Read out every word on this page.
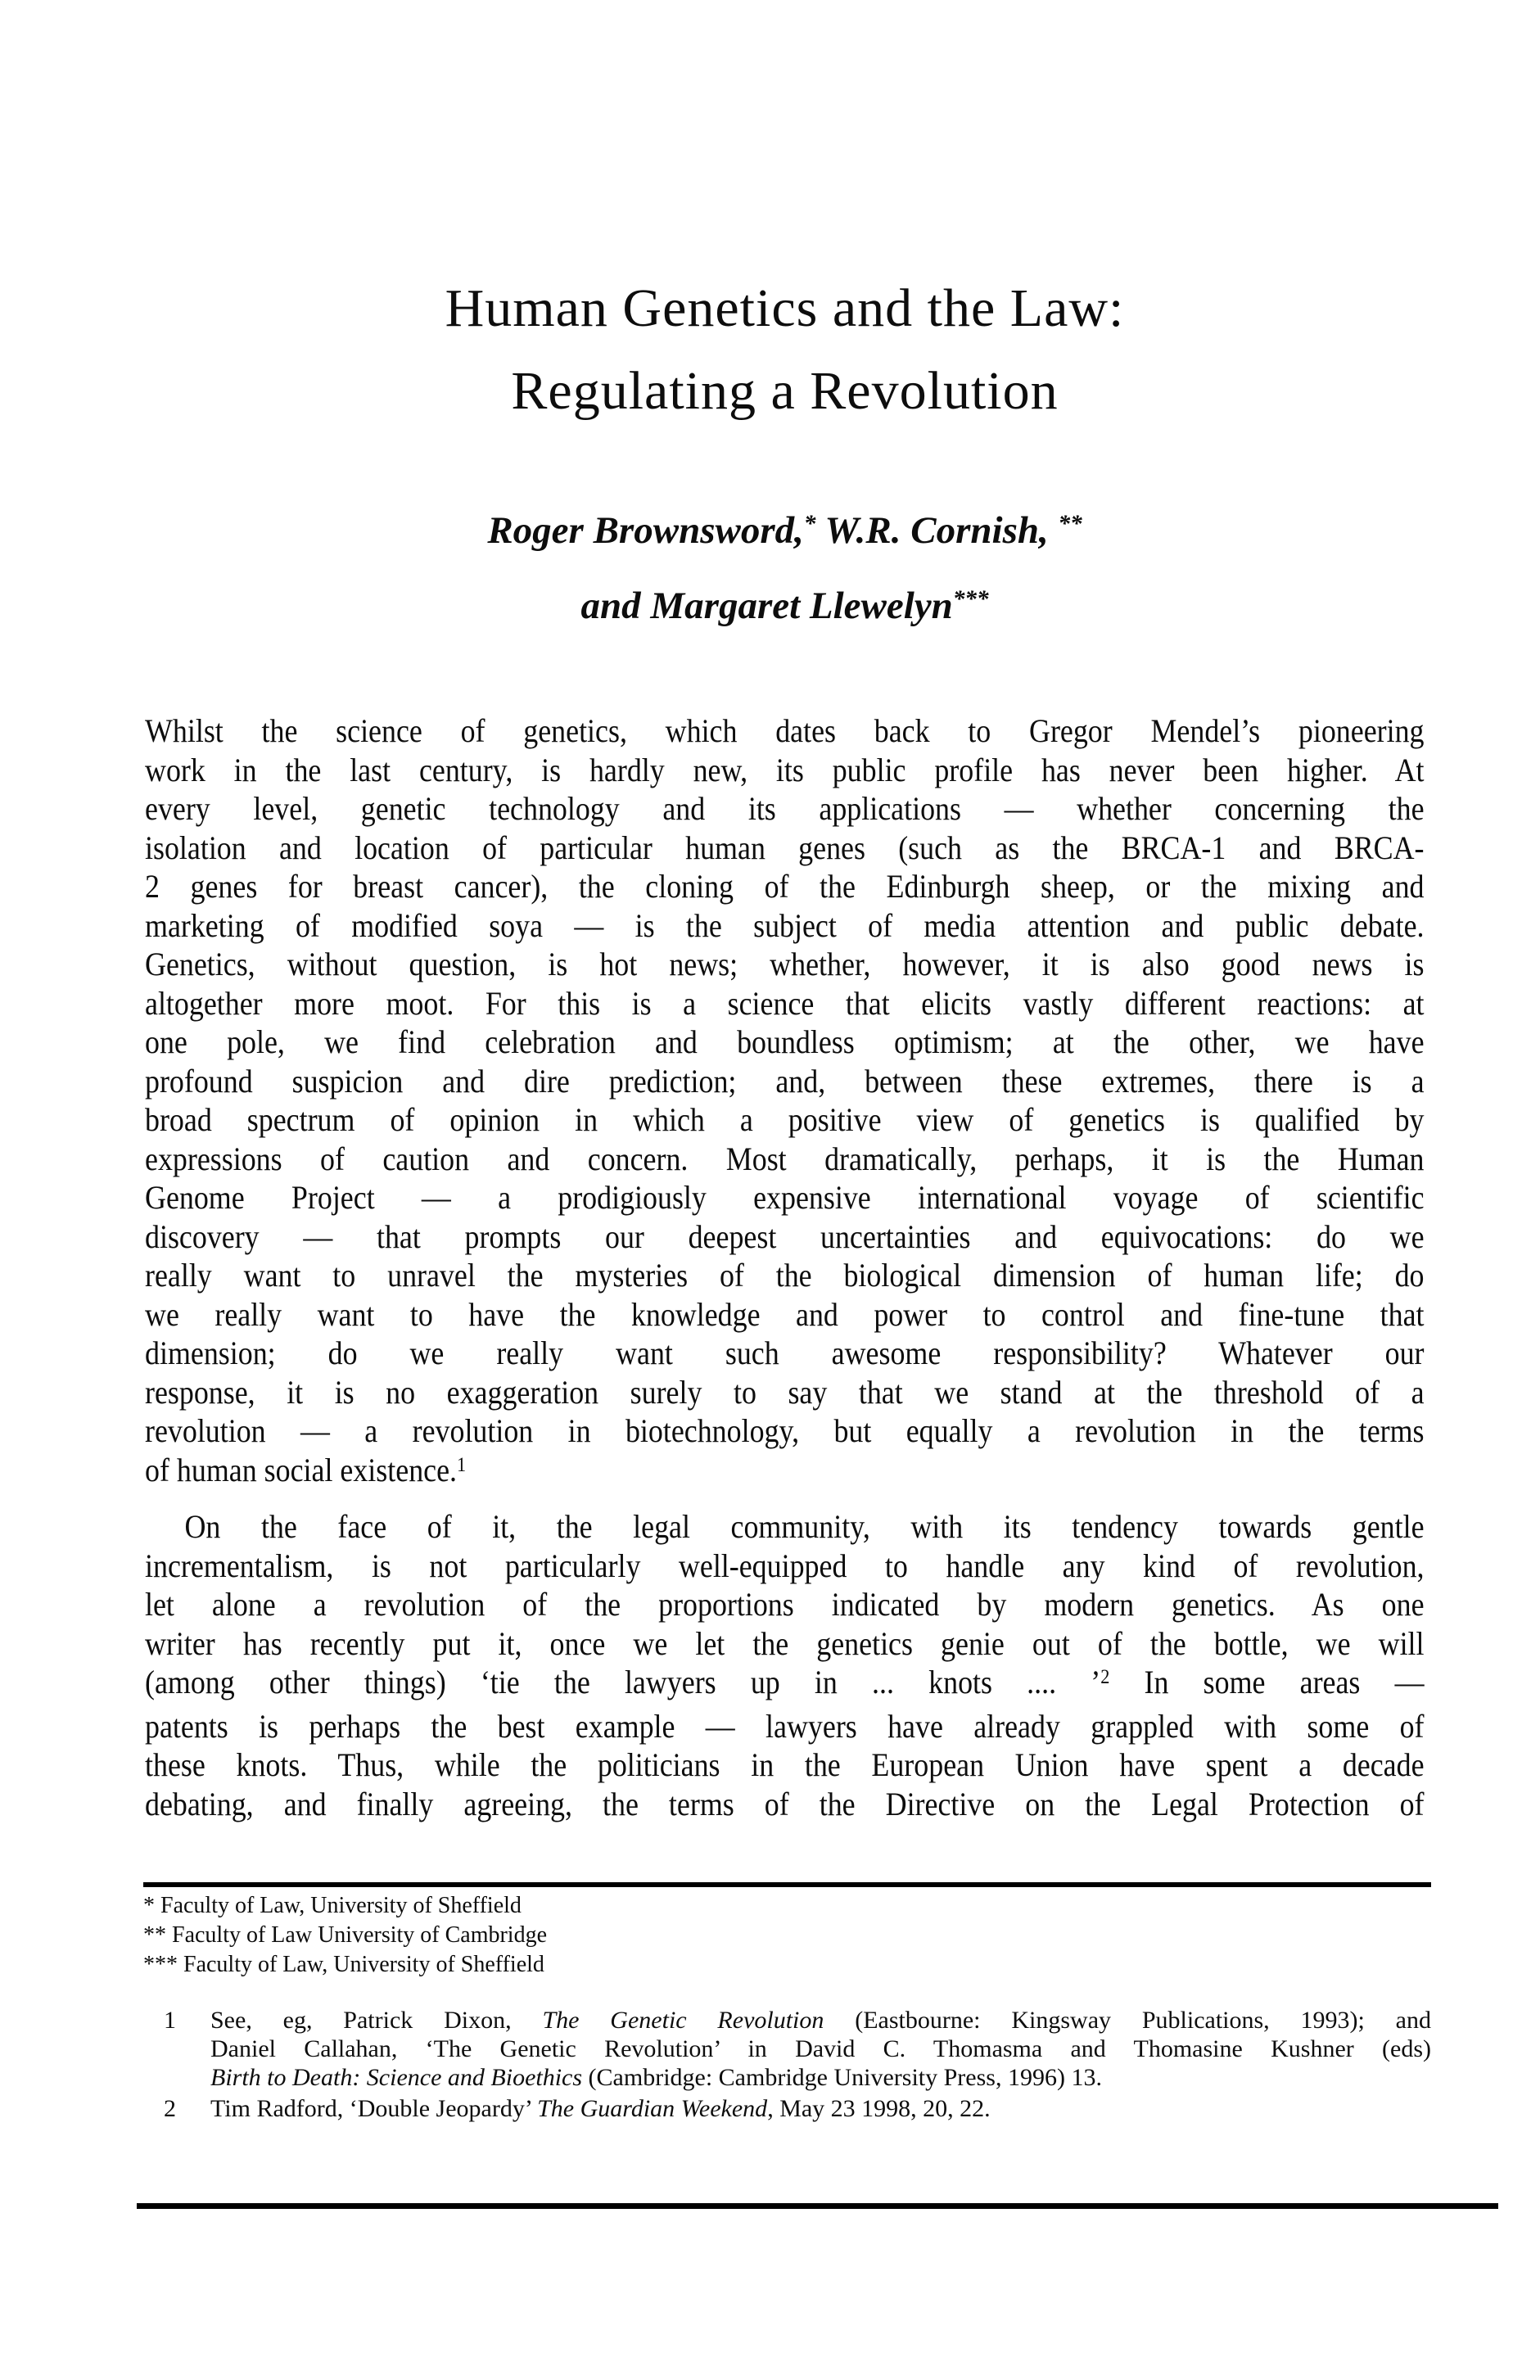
Human Genetics and the Law:
Regulating a Revolution
Roger Brownsword,* W.R. Cornish, **
and Margaret Llewelyn***
Whilst the science of genetics, which dates back to Gregor Mendel’s pioneering
work in the last century, is hardly new, its public profile has never been higher. At
every level, genetic technology and its applications — whether concerning the
isolation and location of particular human genes (such as the BRCA-1 and BRCA-
2 genes for breast cancer), the cloning of the Edinburgh sheep, or the mixing and
marketing of modified soya — is the subject of media attention and public debate.
Genetics, without question, is hot news; whether, however, it is also good news is
altogether more moot. For this is a science that elicits vastly different reactions: at
one pole, we find celebration and boundless optimism; at the other, we have
profound suspicion and dire prediction; and, between these extremes, there is a
broad spectrum of opinion in which a positive view of genetics is qualified by
expressions of caution and concern. Most dramatically, perhaps, it is the Human
Genome Project — a prodigiously expensive international voyage of scientific
discovery — that prompts our deepest uncertainties and equivocations: do we
really want to unravel the mysteries of the biological dimension of human life; do
we really want to have the knowledge and power to control and fine-tune that
dimension; do we really want such awesome responsibility? Whatever our
response, it is no exaggeration surely to say that we stand at the threshold of a
revolution — a revolution in biotechnology, but equally a revolution in the terms
of human social existence.$^1$
On the face of it, the legal community, with its tendency towards gentle
incrementalism, is not particularly well-equipped to handle any kind of revolution,
let alone a revolution of the proportions indicated by modern genetics. As one
writer has recently put it, once we let the genetics genie out of the bottle, we will
(among other things) ‘tie the lawyers up in ... knots .... ’$^2$ In some areas —
patents is perhaps the best example — lawyers have already grappled with some of
these knots. Thus, while the politicians in the European Union have spent a decade
debating, and finally agreeing, the terms of the Directive on the Legal Protection of
* Faculty of Law, University of Sheffield
** Faculty of Law University of Cambridge
*** Faculty of Law, University of Sheffield
1	See, eg, Patrick Dixon, The Genetic Revolution (Eastbourne: Kingsway Publications, 1993); and
Daniel Callahan, ‘The Genetic Revolution’ in David C. Thomasma and Thomasine Kushner (eds)
Birth to Death: Science and Bioethics (Cambridge: Cambridge University Press, 1996) 13.
2	Tim Radford, ‘Double Jeopardy’ The Guardian Weekend, May 23 1998, 20, 22.
